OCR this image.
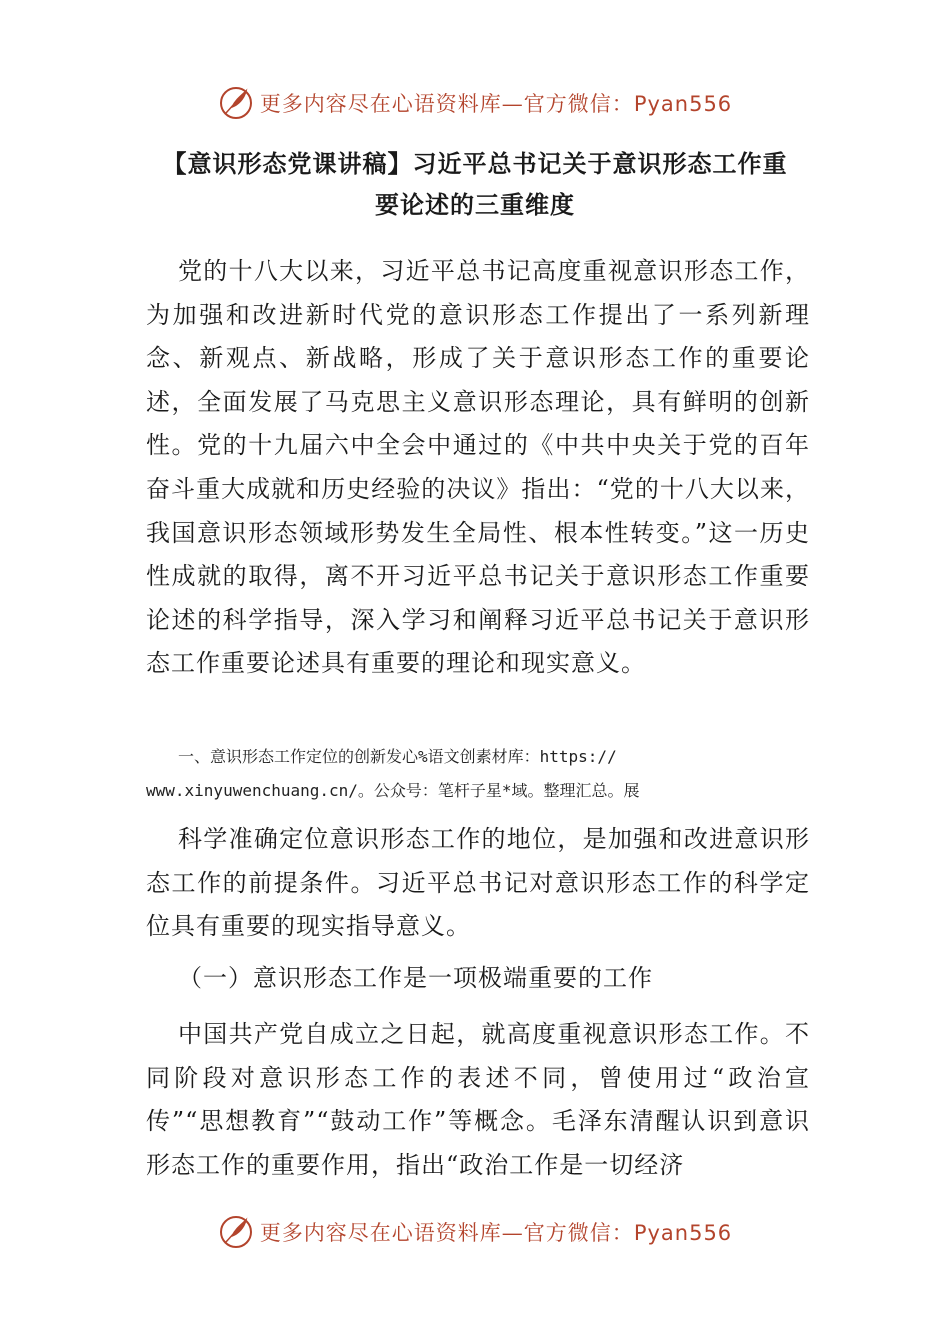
更多内容尽在心语资料库—官方微信：Pyan556
【意识形态党课讲稿】习近平总书记关于意识形态工作重
要论述的三重维度
党的十八大以来，习近平总书记高度重视意识形态工作，为加强和改进新时代党的意识形态工作提出了一系列新理念、新观点、新战略，形成了关于意识形态工作的重要论述，全面发展了马克思主义意识形态理论，具有鲜明的创新性。党的十九届六中全会中通过的《中共中央关于党的百年奋斗重大成就和历史经验的决议》指出：“党的十八大以来，我国意识形态领域形势发生全局性、根本性转变。”这一历史性成就的取得，离不开习近平总书记关于意识形态工作重要论述的科学指导，深入学习和阐释习近平总书记关于意识形态工作重要论述具有重要的理论和现实意义。
一、意识形态工作定位的创新发心%语文创素材库：https://
www.xinyuwenchuang.cn/。公众号：笔杆子星*域。整理汇总。展
科学准确定位意识形态工作的地位，是加强和改进意识形态工作的前提条件。习近平总书记对意识形态工作的科学定位具有重要的现实指导意义。
（一）意识形态工作是一项极端重要的工作
中国共产党自成立之日起，就高度重视意识形态工作。不同阶段对意识形态工作的表述不同，曾使用过“政治宣传”“思想教育”“鼓动工作”等概念。毛泽东清醒认识到意识形态工作的重要作用，指出“政治工作是一切经济
更多内容尽在心语资料库—官方微信：Pyan556
